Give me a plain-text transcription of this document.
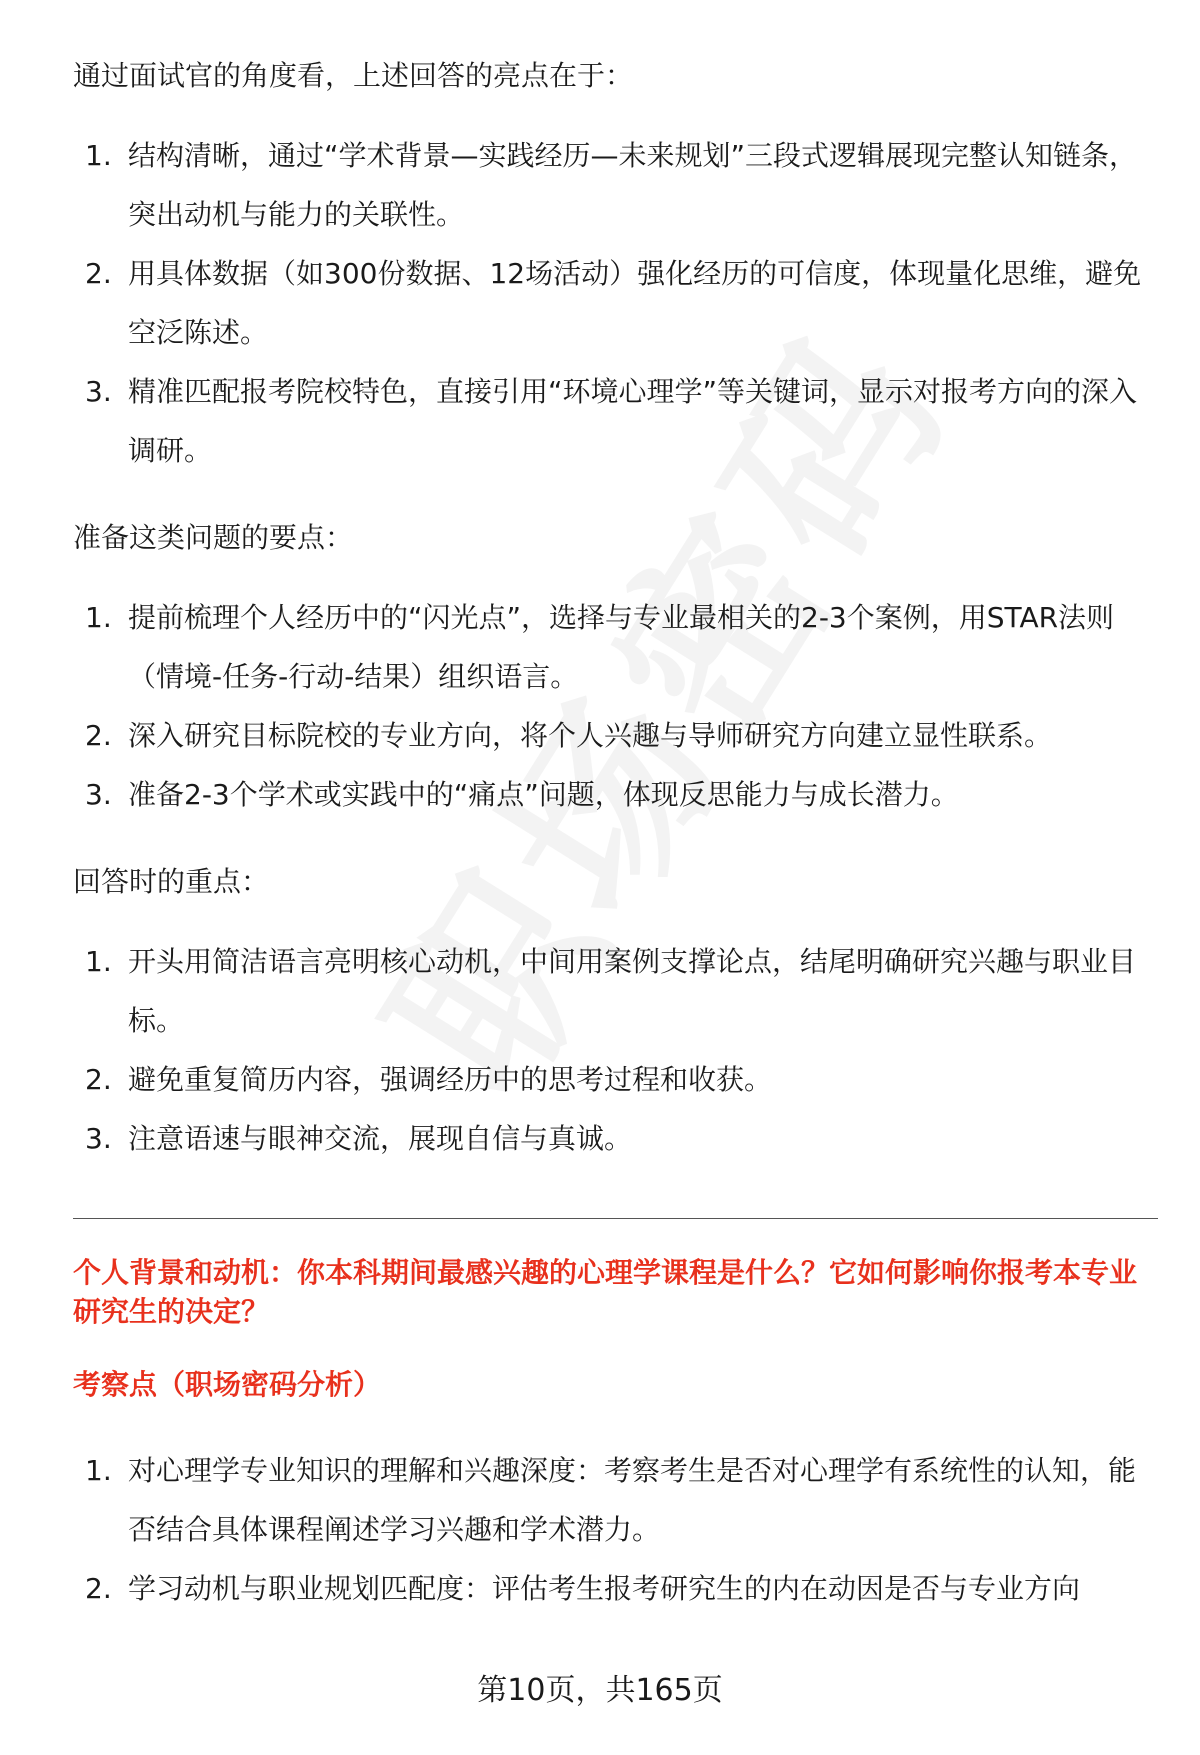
通过面试官的角度看，上述回答的亮点在于：

1. 结构清晰，通过“学术背景—实践经历—未来规划”三段式逻辑展现完整认知链条，突出动机与能力的关联性。
2. 用具体数据（如300份数据、12场活动）强化经历的可信度，体现量化思维，避免空泛陈述。
3. 精准匹配报考院校特色，直接引用“环境心理学”等关键词，显示对报考方向的深入调研。

准备这类问题的要点：

1. 提前梳理个人经历中的“闪光点”，选择与专业最相关的2-3个案例，用STAR法则（情境-任务-行动-结果）组织语言。
2. 深入研究目标院校的专业方向，将个人兴趣与导师研究方向建立显性联系。
3. 准备2-3个学术或实践中的“痛点”问题，体现反思能力与成长潜力。

回答时的重点：

1. 开头用简洁语言亮明核心动机，中间用案例支撑论点，结尾明确研究兴趣与职业目标。
2. 避免重复简历内容，强调经历中的思考过程和收获。
3. 注意语速与眼神交流，展现自信与真诚。

个人背景和动机：你本科期间最感兴趣的心理学课程是什么？它如何影响你报考本专业研究生的决定？

考察点（职场密码分析）

1. 对心理学专业知识的理解和兴趣深度：考察考生是否对心理学有系统性的认知，能否结合具体课程阐述学习兴趣和学术潜力。
2. 学习动机与职业规划匹配度：评估考生报考研究生的内在动因是否与专业方向
第10页，共165页
